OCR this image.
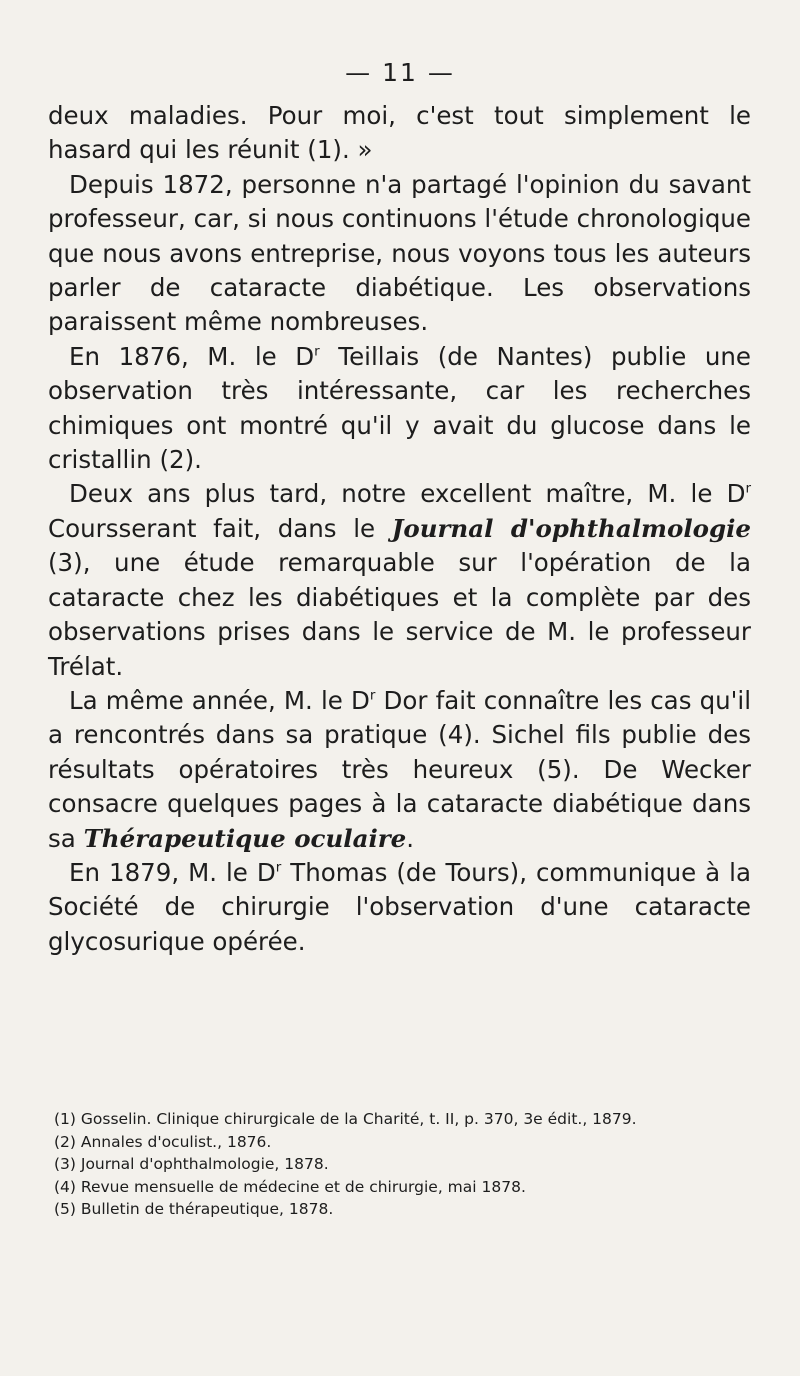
— 11 —

deux maladies. Pour moi, c'est tout simplement le hasard qui les réunit (1). »

Depuis 1872, personne n'a partagé l'opinion du savant professeur, car, si nous continuons l'étude chronologique que nous avons entreprise, nous voyons tous les auteurs parler de cataracte diabétique. Les observations paraissent même nombreuses.

En 1876, M. le $D^r$ Teillais (de Nantes) publie une observation très intéressante, car les recherches chimiques ont montré qu'il y avait du glucose dans le cristallin (2).

Deux ans plus tard, notre excellent maître, M. le $D^r$ Coursserant fait, dans le Journal d'ophthalmologie (3), une étude remarquable sur l'opération de la cataracte chez les diabétiques et la complète par des observations prises dans le service de M. le professeur Trélat.

La même année, M. le $D^r$ Dor fait connaître les cas qu'il a rencontrés dans sa pratique (4). Sichel fils publie des résultats opératoires très heureux (5). De Wecker consacre quelques pages à la cataracte diabétique dans sa Thérapeutique oculaire.

En 1879, M. le $D^r$ Thomas (de Tours), communique à la Société de chirurgie l'observation d'une cataracte glycosurique opérée.

(1) Gosselin. Clinique chirurgicale de la Charité, t. II, p. 370, 3e édit., 1879.

(2) Annales d'oculist., 1876.

(3) Journal d'ophthalmologie, 1878.

(4) Revue mensuelle de médecine et de chirurgie, mai 1878.

(5) Bulletin de thérapeutique, 1878.
